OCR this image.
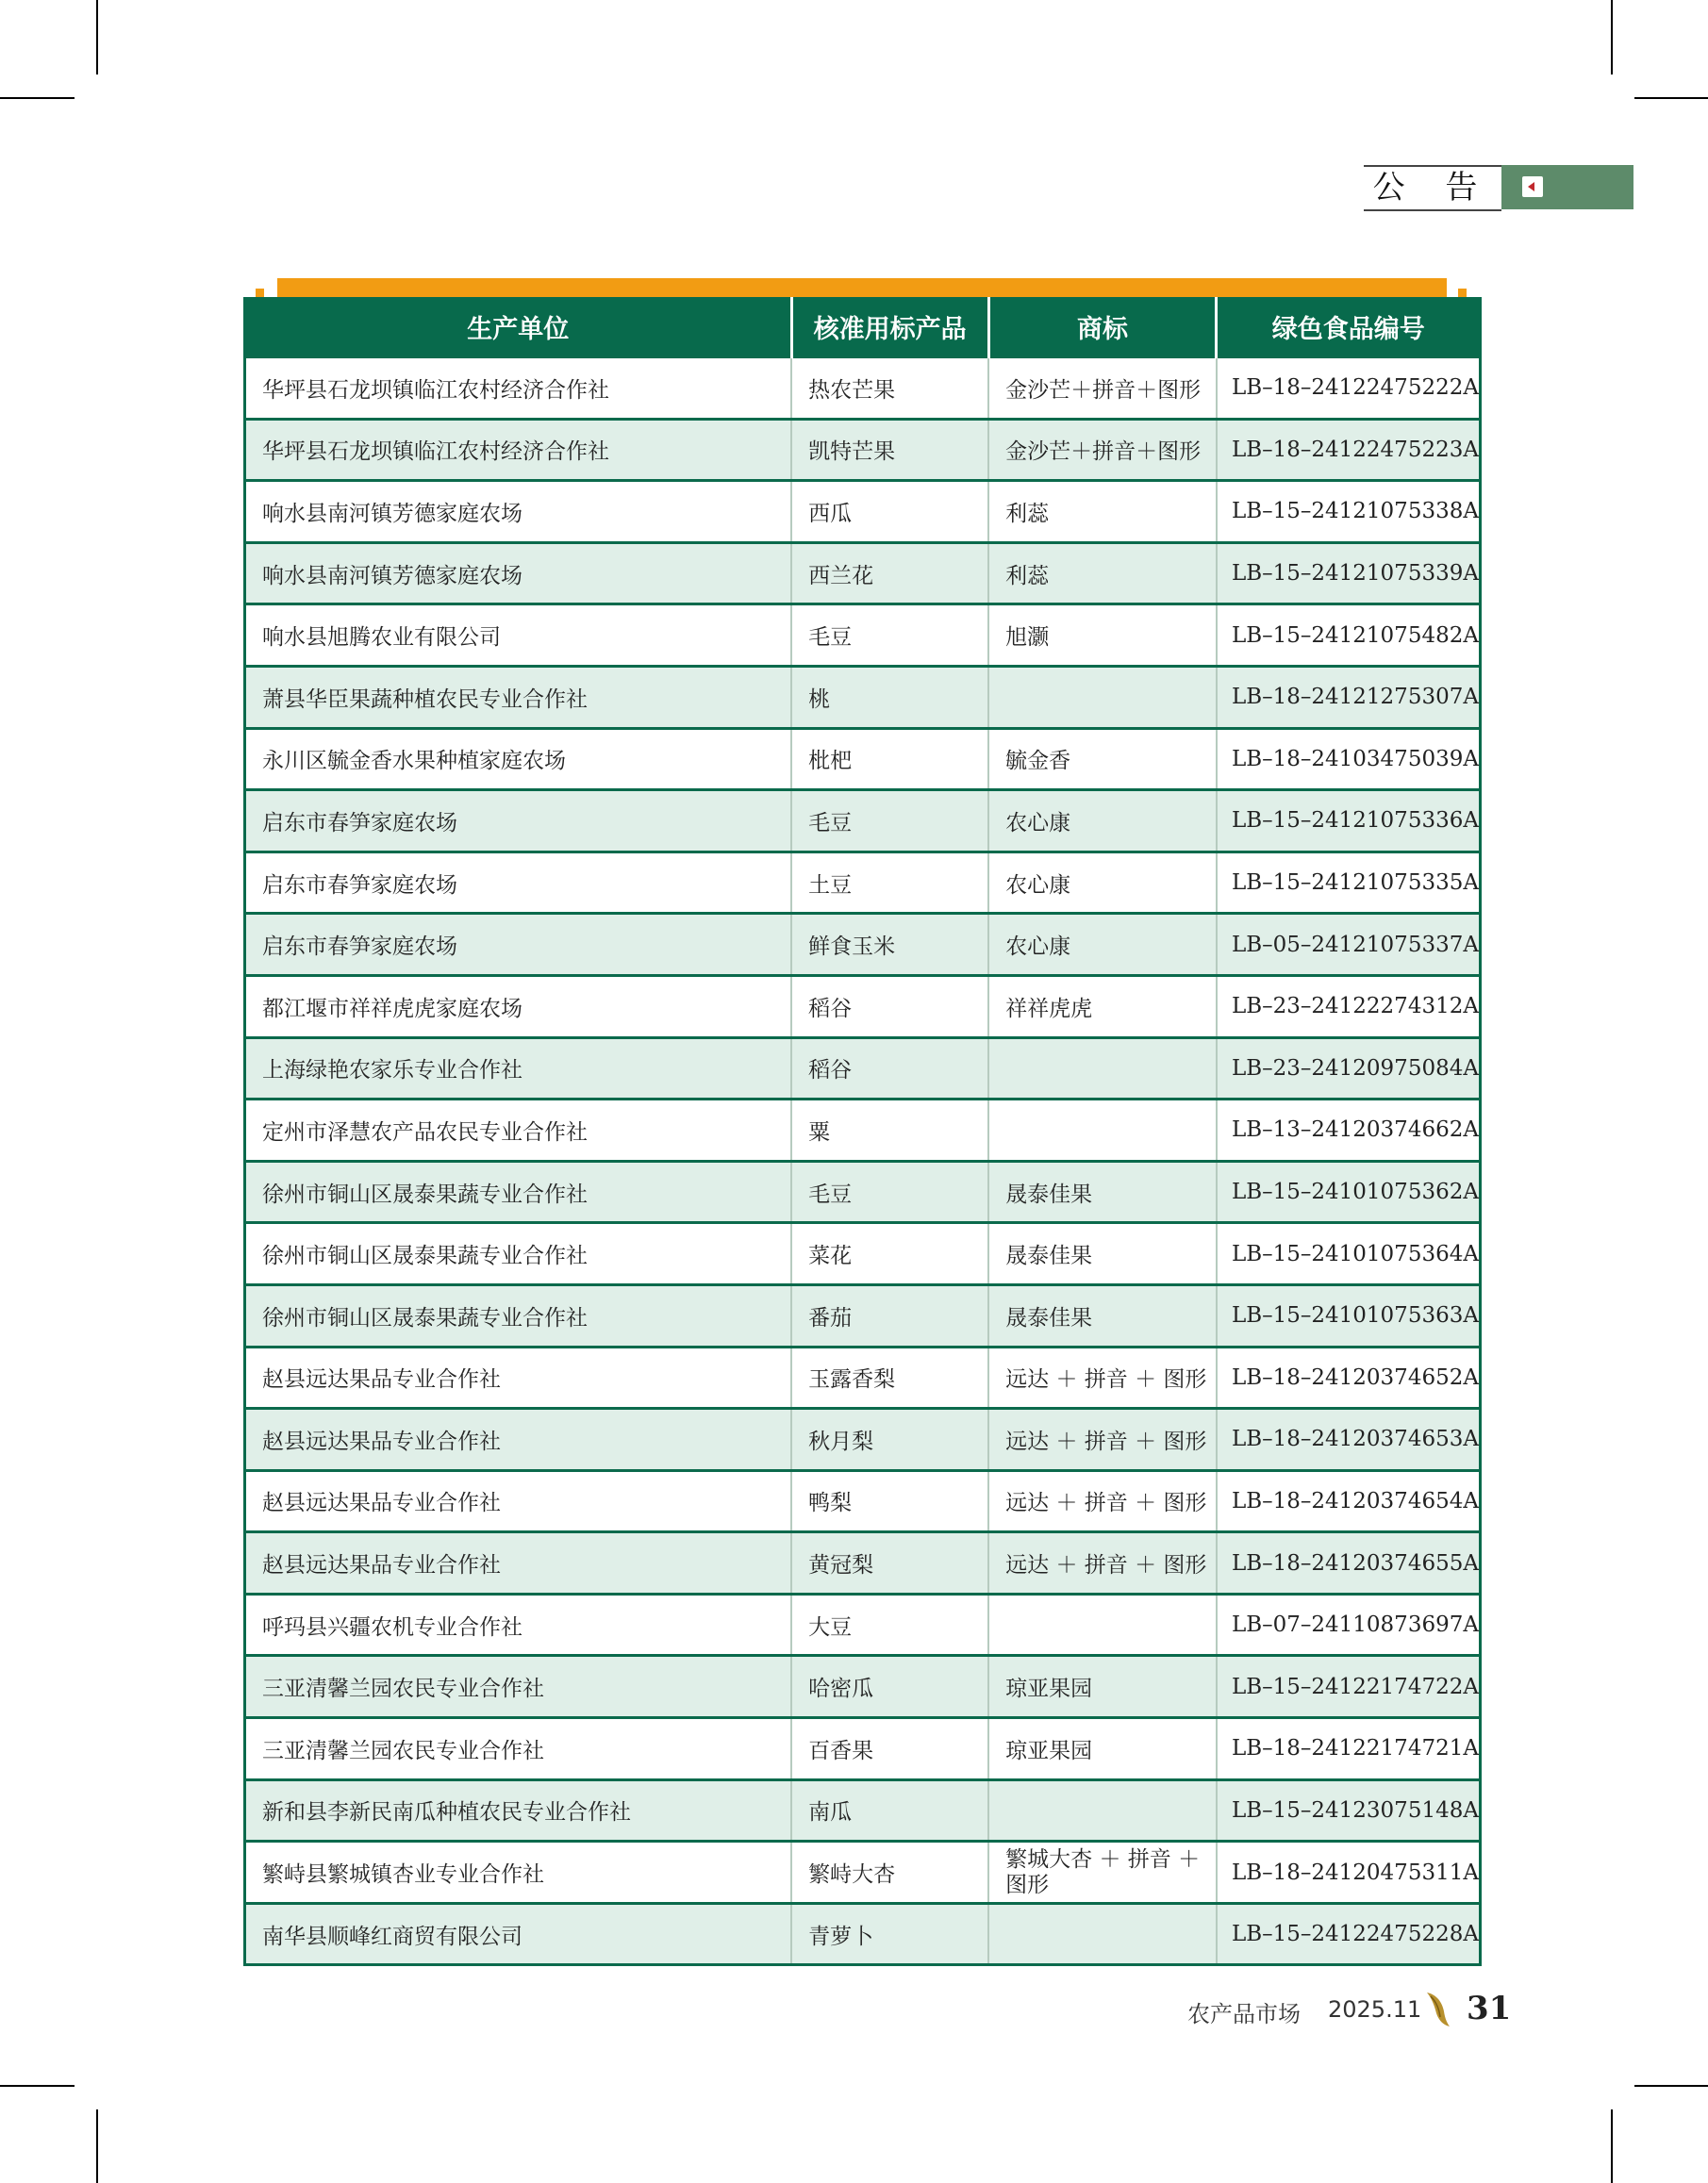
公 告
生产单位	核准用标产品	商标	绿色食品编号
华坪县石龙坝镇临江农村经济合作社	热农芒果	金沙芒＋拼音＋图形	LB–18–24122475222A
华坪县石龙坝镇临江农村经济合作社	凯特芒果	金沙芒＋拼音＋图形	LB–18–24122475223A
响水县南河镇芳德家庭农场	西瓜	利蕊	LB–15–24121075338A
响水县南河镇芳德家庭农场	西兰花	利蕊	LB–15–24121075339A
响水县旭腾农业有限公司	毛豆	旭灏	LB–15–24121075482A
萧县华臣果蔬种植农民专业合作社	桃		LB–18–24121275307A
永川区毓金香水果种植家庭农场	枇杷	毓金香	LB–18–24103475039A
启东市春笋家庭农场	毛豆	农心康	LB–15–24121075336A
启东市春笋家庭农场	土豆	农心康	LB–15–24121075335A
启东市春笋家庭农场	鲜食玉米	农心康	LB–05–24121075337A
都江堰市祥祥虎虎家庭农场	稻谷	祥祥虎虎	LB–23–24122274312A
上海绿艳农家乐专业合作社	稻谷		LB–23–24120975084A
定州市泽慧农产品农民专业合作社	粟		LB–13–24120374662A
徐州市铜山区晟泰果蔬专业合作社	毛豆	晟泰佳果	LB–15–24101075362A
徐州市铜山区晟泰果蔬专业合作社	菜花	晟泰佳果	LB–15–24101075364A
徐州市铜山区晟泰果蔬专业合作社	番茄	晟泰佳果	LB–15–24101075363A
赵县远达果品专业合作社	玉露香梨	远达 ＋ 拼音 ＋ 图形	LB–18–24120374652A
赵县远达果品专业合作社	秋月梨	远达 ＋ 拼音 ＋ 图形	LB–18–24120374653A
赵县远达果品专业合作社	鸭梨	远达 ＋ 拼音 ＋ 图形	LB–18–24120374654A
赵县远达果品专业合作社	黄冠梨	远达 ＋ 拼音 ＋ 图形	LB–18–24120374655A
呼玛县兴疆农机专业合作社	大豆		LB–07–24110873697A
三亚清馨兰园农民专业合作社	哈密瓜	琼亚果园	LB–15–24122174722A
三亚清馨兰园农民专业合作社	百香果	琼亚果园	LB–18–24122174721A
新和县李新民南瓜种植农民专业合作社	南瓜		LB–15–24123075148A
繁峙县繁城镇杏业专业合作社	繁峙大杏	繁城大杏 ＋ 拼音 ＋ 图形	LB–18–24120475311A
南华县顺峰红商贸有限公司	青萝卜		LB–15–24122475228A
农产品市场 2025.11 31
